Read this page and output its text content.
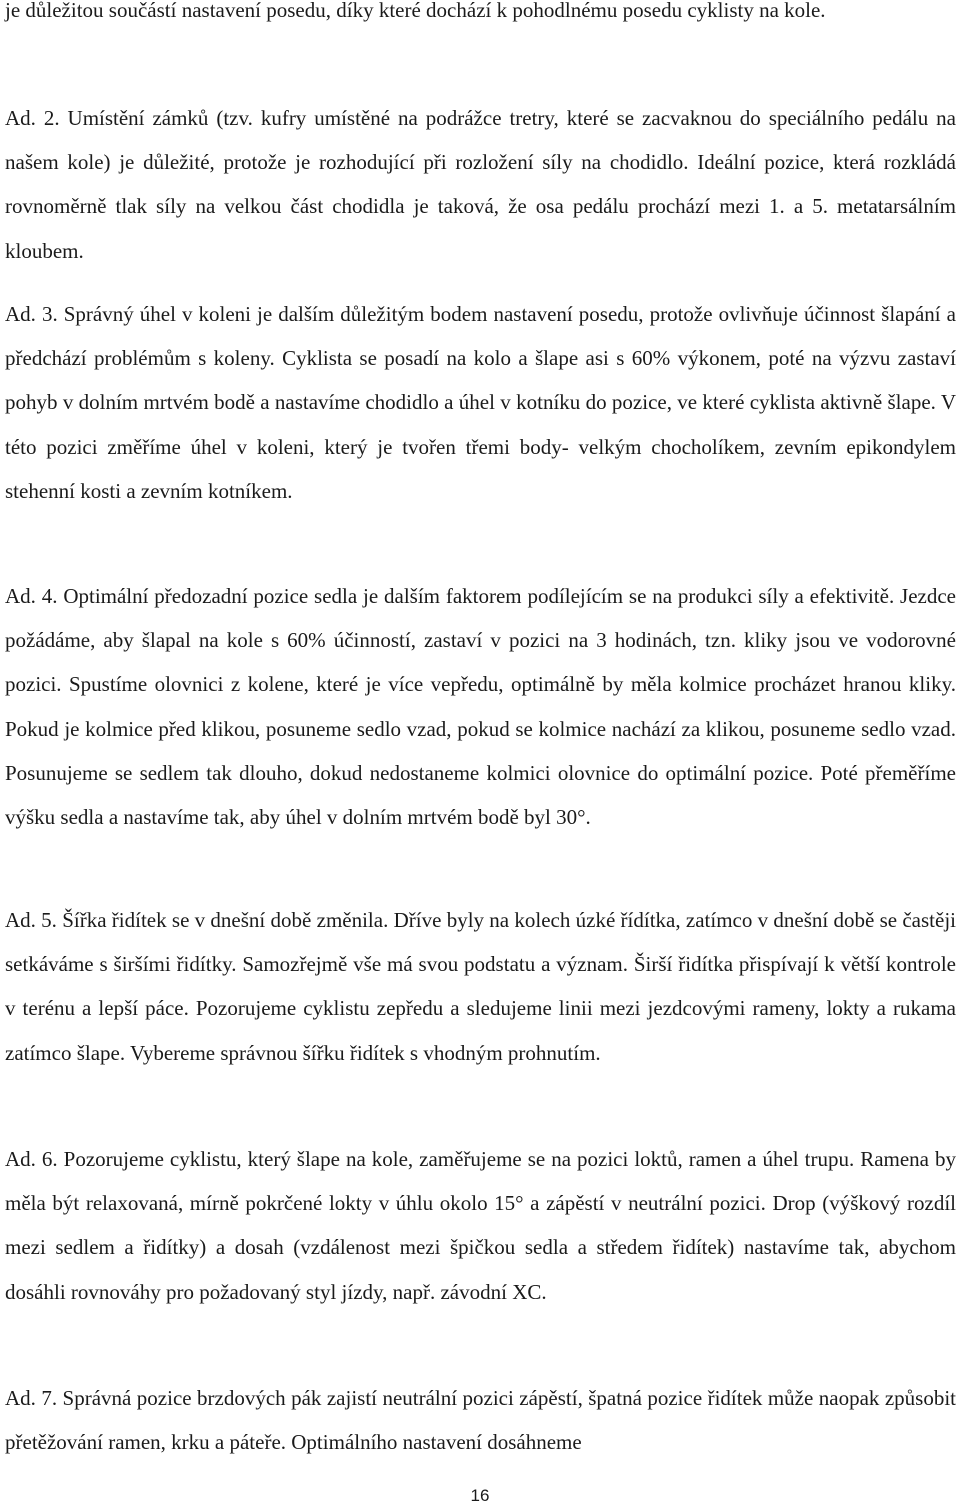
je důležitou součástí nastavení posedu, díky které dochází k pohodlnému posedu cyklisty na kole.

Ad. 2. Umístění zámků (tzv. kufry umístěné na podrážce tretry, které se zacvaknou do speciálního pedálu na našem kole) je důležité, protože je rozhodující při rozložení síly na chodidlo. Ideální pozice, která rozkládá rovnoměrně tlak síly na velkou část chodidla je taková, že osa pedálu prochází mezi 1. a 5. metatarsálním kloubem.

Ad. 3. Správný úhel v koleni je dalším důležitým bodem nastavení posedu, protože ovlivňuje účinnost šlapání a předchází problémům s koleny. Cyklista se posadí na kolo a šlape asi s 60% výkonem, poté na výzvu zastaví pohyb v dolním mrtvém bodě a nastavíme chodidlo a úhel v kotníku do pozice, ve které cyklista aktivně šlape. V této pozici změříme úhel v koleni, který je tvořen třemi body- velkým chocholíkem, zevním epikondylem stehenní kosti a zevním kotníkem.

Ad. 4. Optimální předozadní pozice sedla je dalším faktorem podílejícím se na produkci síly a efektivitě. Jezdce požádáme, aby šlapal na kole s 60% účinností, zastaví v pozici na 3 hodinách, tzn. kliky jsou ve vodorovné pozici. Spustíme olovnici z kolene, které je více vepředu, optimálně by měla kolmice procházet hranou kliky. Pokud je kolmice před klikou, posuneme sedlo vzad, pokud se kolmice nachází za klikou, posuneme sedlo vzad. Posunujeme se sedlem tak dlouho, dokud nedostaneme kolmici olovnice do optimální pozice. Poté přeměříme výšku sedla a nastavíme tak, aby úhel v dolním mrtvém bodě byl 30°.

Ad. 5. Šířka řidítek se v dnešní době změnila. Dříve byly na kolech úzké řídítka, zatímco v dnešní době se častěji setkáváme s širšími řidítky. Samozřejmě vše má svou podstatu a význam. Širší řidítka přispívají k větší kontrole v terénu a lepší páce. Pozorujeme cyklistu zepředu a sledujeme linii mezi jezdcovými rameny, lokty a rukama zatímco šlape. Vybereme správnou šířku řidítek s vhodným prohnutím.

Ad. 6. Pozorujeme cyklistu, který šlape na kole, zaměřujeme se na pozici loktů, ramen a úhel trupu. Ramena by měla být relaxovaná, mírně pokrčené lokty v úhlu okolo 15° a zápěstí v neutrální pozici. Drop (výškový rozdíl mezi sedlem a řidítky) a dosah (vzdálenost mezi špičkou sedla a středem řidítek) nastavíme tak, abychom dosáhli rovnováhy pro požadovaný styl jízdy, např. závodní XC.

Ad. 7. Správná pozice brzdových pák zajistí neutrální pozici zápěstí, špatná pozice řidítek může naopak způsobit přetěžování ramen, krku a páteře. Optimálního nastavení dosáhneme

16
